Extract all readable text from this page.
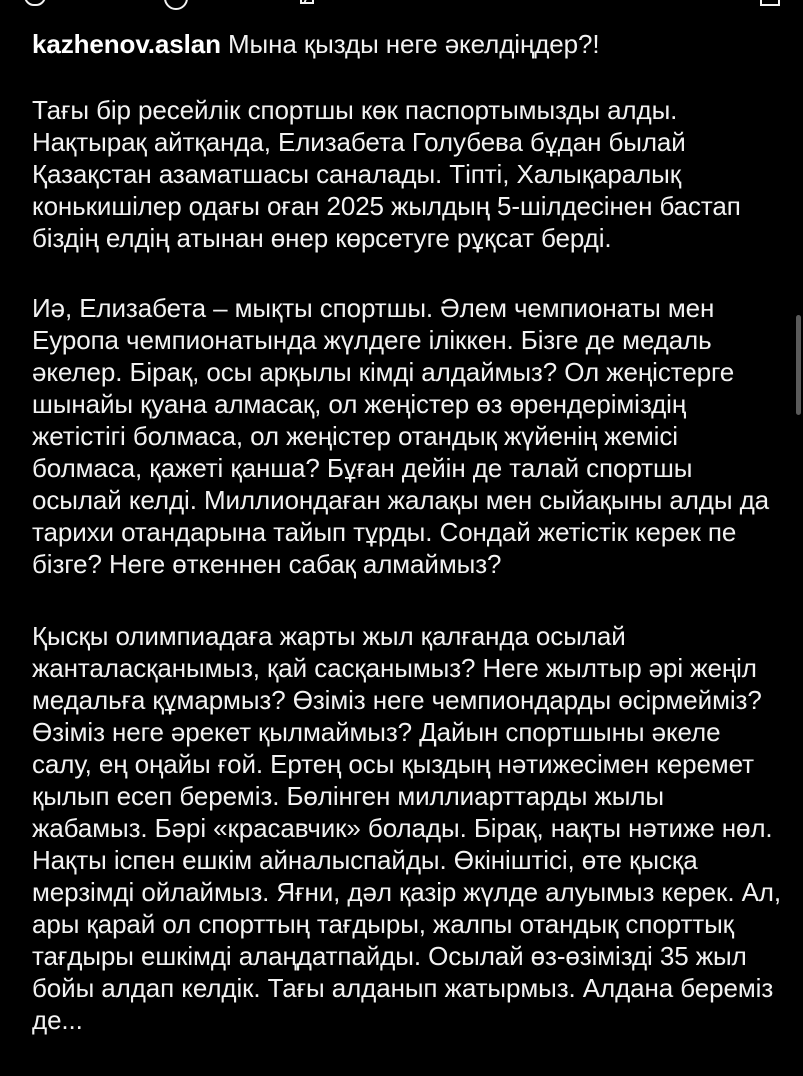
kazhenov.aslan Мына қызды неге әкелдіңдер?!

Тағы бір ресейлік спортшы көк паспортымызды алды. Нақтырақ айтқанда, Елизабета Голубева бұдан былай Қазақстан азаматшасы саналады. Тіпті, Халықаралық конькишілер одағы оған 2025 жылдың 5-шілдесінен бастап біздің елдің атынан өнер көрсетуге рұқсат берді.

Иә, Елизабета – мықты спортшы. Әлем чемпионаты мен Еуропа чемпионатында жүлдеге іліккен. Бізге де медаль әкелер. Бірақ, осы арқылы кімді алдаймыз? Ол жеңістерге шынайы қуана алмасақ, ол жеңістер өз өрендеріміздің жетістігі болмаса, ол жеңістер отандық жүйенің жемісі болмаса, қажеті қанша? Бұған дейін де талай спортшы осылай келді. Миллиондаған жалақы мен сыйақыны алды да тарихи отандарына тайып тұрды. Сондай жетістік керек пе бізге? Неге өткеннен сабақ алмаймыз?

Қысқы олимпиадаға жарты жыл қалғанда осылай жанталасқанымыз, қай сасқанымыз? Неге жылтыр әрі жеңіл медальға құмармыз? Өзіміз неге чемпиондарды өсірмейміз? Өзіміз неге әрекет қылмаймыз? Дайын спортшыны әкеле салу, ең оңайы ғой. Ертең осы қыздың нәтижесімен керемет қылып есеп береміз. Бөлінген миллиарттарды жылы жабамыз. Бәрі «красавчик» болады. Бірақ, нақты нәтиже нөл. Нақты іспен ешкім айналыспайды. Өкініштісі, өте қысқа мерзімді ойлаймыз. Яғни, дәл қазір жүлде алуымыз керек. Ал, ары қарай ол спорттың тағдыры, жалпы отандық спорттық тағдыры ешкімді алаңдатпайды. Осылай өз-өзімізді 35 жыл бойы алдап келдік. Тағы алданып жатырмыз. Алдана береміз де...
